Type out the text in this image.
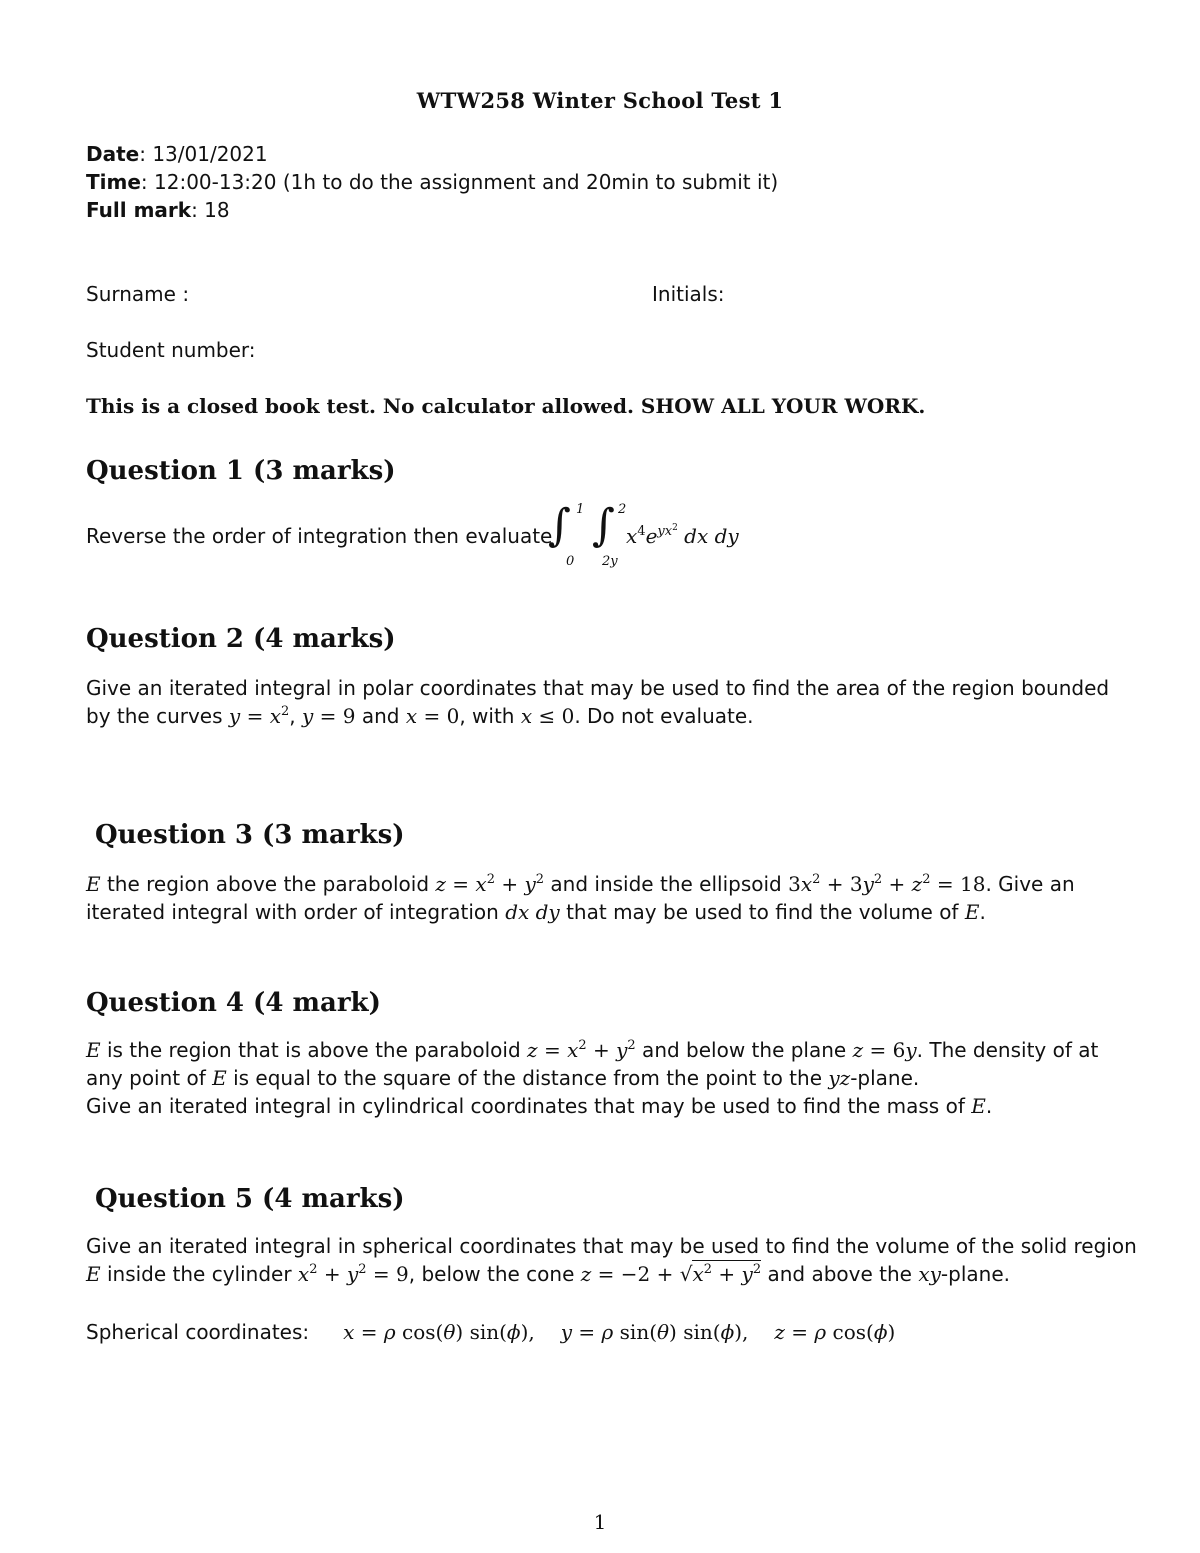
WTW258 Winter School Test 1
Date: 13/01/2021
Time: 12:00-13:20 (1h to do the assignment and 20min to submit it)
Full mark: 18
Surname :	Initials:
Student number:
This is a closed book test. No calculator allowed. SHOW ALL YOUR WORK.
Question 1 (3 marks)
Reverse the order of integration then evaluate
∫ 1
0
∫ 2
2y
$x^4e^{yx^2}$ dx dy
Question 2 (4 marks)
Give an iterated integral in polar coordinates that may be used to find the area of the region bounded
by the curves $y = x^2$, y = 9 and x = 0, with x ≤ 0. Do not evaluate.
Question 3 (3 marks)
E the region above the paraboloid $z = x^2 + y^2$ and inside the ellipsoid $3x^2 + 3y^2 + z^2 = 18$. Give an
iterated integral with order of integration dx dy that may be used to find the volume of E.
Question 4 (4 mark)
E is the region that is above the paraboloid $z = x^2 + y^2$ and below the plane z = 6y. The density of at
any point of E is equal to the square of the distance from the point to the yz-plane.
Give an iterated integral in cylindrical coordinates that may be used to find the mass of E.
Question 5 (4 marks)
Give an iterated integral in spherical coordinates that may be used to find the volume of the solid region
E inside the cylinder $x^2 + y^2 = 9$, below the cone $z = -2 + √x^2 + y^2$ and above the xy-plane.
Spherical coordinates: x = ρ cos(θ) sin(ϕ), y = ρ sin(θ) sin(ϕ), z = ρ cos(ϕ)
1
